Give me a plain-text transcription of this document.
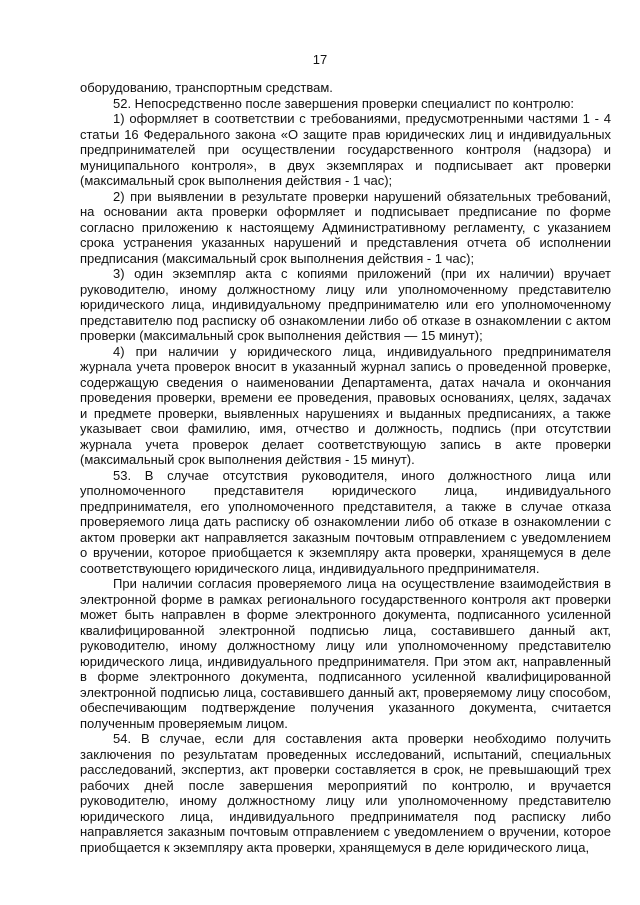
17

оборудованию, транспортным средствам.

52. Непосредственно после завершения проверки специалист по контролю:

1) оформляет в соответствии с требованиями, предусмотренными частями 1 - 4 статьи 16 Федерального закона «О защите прав юридических лиц и индивидуальных предпринимателей при осуществлении государственного контроля (надзора) и муниципального контроля», в двух экземплярах и подписывает акт проверки (максимальный срок выполнения действия - 1 час);

2) при выявлении в результате проверки нарушений обязательных требований, на основании акта проверки оформляет и подписывает предписание по форме согласно приложению к настоящему Административному регламенту, с указанием срока устранения указанных нарушений и представления отчета об исполнении предписания (максимальный срок выполнения действия - 1 час);

3) один экземпляр акта с копиями приложений (при их наличии) вручает руководителю, иному должностному лицу или уполномоченному представителю юридического лица, индивидуальному предпринимателю или его уполномоченному представителю под расписку об ознакомлении либо об отказе в ознакомлении с актом проверки (максимальный срок выполнения действия — 15 минут);

4) при наличии у юридического лица, индивидуального предпринимателя журнала учета проверок вносит в указанный журнал запись о проведенной проверке, содержащую сведения о наименовании Департамента, датах начала и окончания проведения проверки, времени ее проведения, правовых основаниях, целях, задачах и предмете проверки, выявленных нарушениях и выданных предписаниях, а также указывает свои фамилию, имя, отчество и должность, подпись (при отсутствии журнала учета проверок делает соответствующую запись в акте проверки (максимальный срок выполнения действия - 15 минут).

53. В случае отсутствия руководителя, иного должностного лица или уполномоченного представителя юридического лица, индивидуального предпринимателя, его уполномоченного представителя, а также в случае отказа проверяемого лица дать расписку об ознакомлении либо об отказе в ознакомлении с актом проверки акт направляется заказным почтовым отправлением с уведомлением о вручении, которое приобщается к экземпляру акта проверки, хранящемуся в деле соответствующего юридического лица, индивидуального предпринимателя.

При наличии согласия проверяемого лица на осуществление взаимодействия в электронной форме в рамках регионального государственного контроля акт проверки может быть направлен в форме электронного документа, подписанного усиленной квалифицированной электронной подписью лица, составившего данный акт, руководителю, иному должностному лицу или уполномоченному представителю юридического лица, индивидуального предпринимателя. При этом акт, направленный в форме электронного документа, подписанного усиленной квалифицированной электронной подписью лица, составившего данный акт, проверяемому лицу способом, обеспечивающим подтверждение получения указанного документа, считается полученным проверяемым лицом.

54. В случае, если для составления акта проверки необходимо получить заключения по результатам проведенных исследований, испытаний, специальных расследований, экспертиз, акт проверки составляется в срок, не превышающий трех рабочих дней после завершения мероприятий по контролю, и вручается руководителю, иному должностному лицу или уполномоченному представителю юридического лица, индивидуального предпринимателя под расписку либо направляется заказным почтовым отправлением с уведомлением о вручении, которое приобщается к экземпляру акта проверки, хранящемуся в деле юридического лица,
